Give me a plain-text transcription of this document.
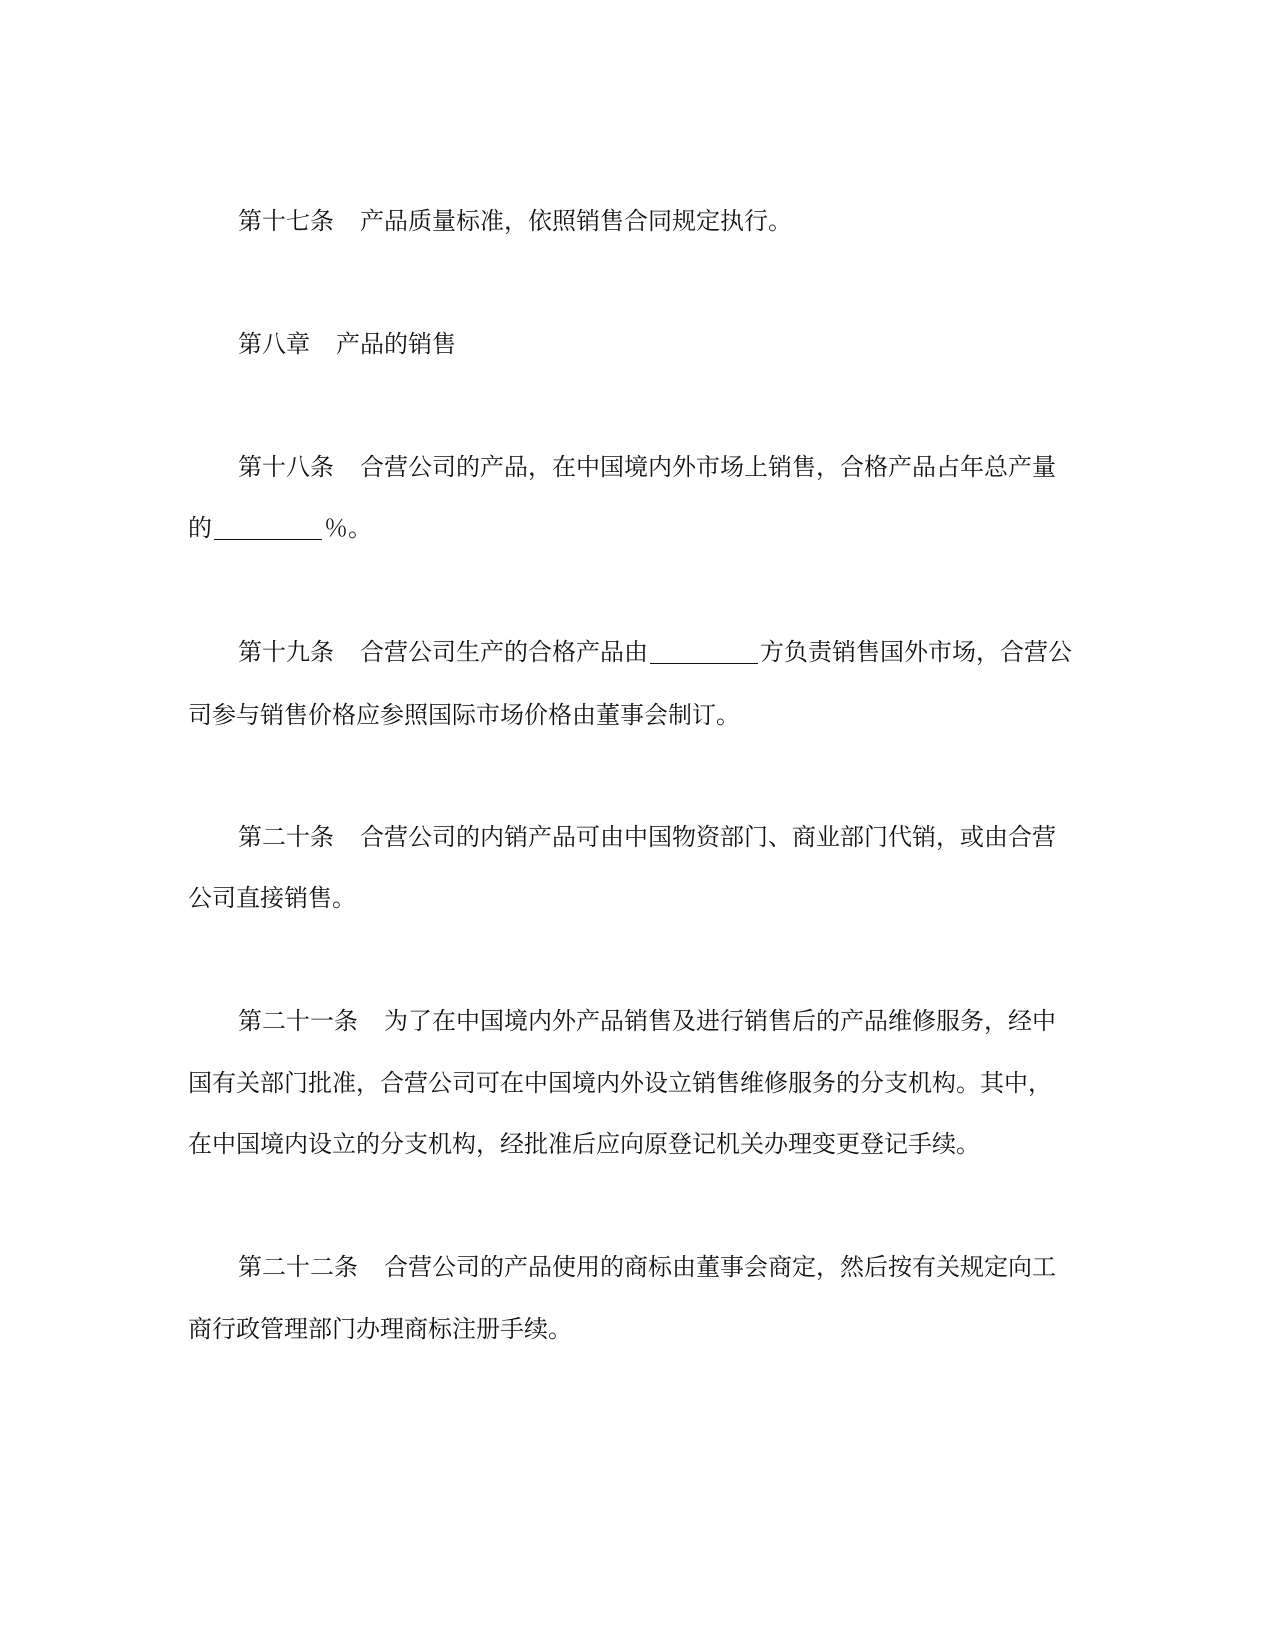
第十七条 产品质量标准，依照销售合同规定执行。
第八章 产品的销售
第十八条 合营公司的产品，在中国境内外市场上销售，合格产品占年总产量
的	％。
第十九条 合营公司生产的合格产品由	方负责销售国外市场，合营公
司参与销售价格应参照国际市场价格由董事会制订。
第二十条 合营公司的内销产品可由中国物资部门、商业部门代销，或由合营
公司直接销售。
第二十一条 为了在中国境内外产品销售及进行销售后的产品维修服务，经中
国有关部门批准，合营公司可在中国境内外设立销售维修服务的分支机构。其中，
在中国境内设立的分支机构，经批准后应向原登记机关办理变更登记手续。
第二十二条 合营公司的产品使用的商标由董事会商定，然后按有关规定向工
商行政管理部门办理商标注册手续。
